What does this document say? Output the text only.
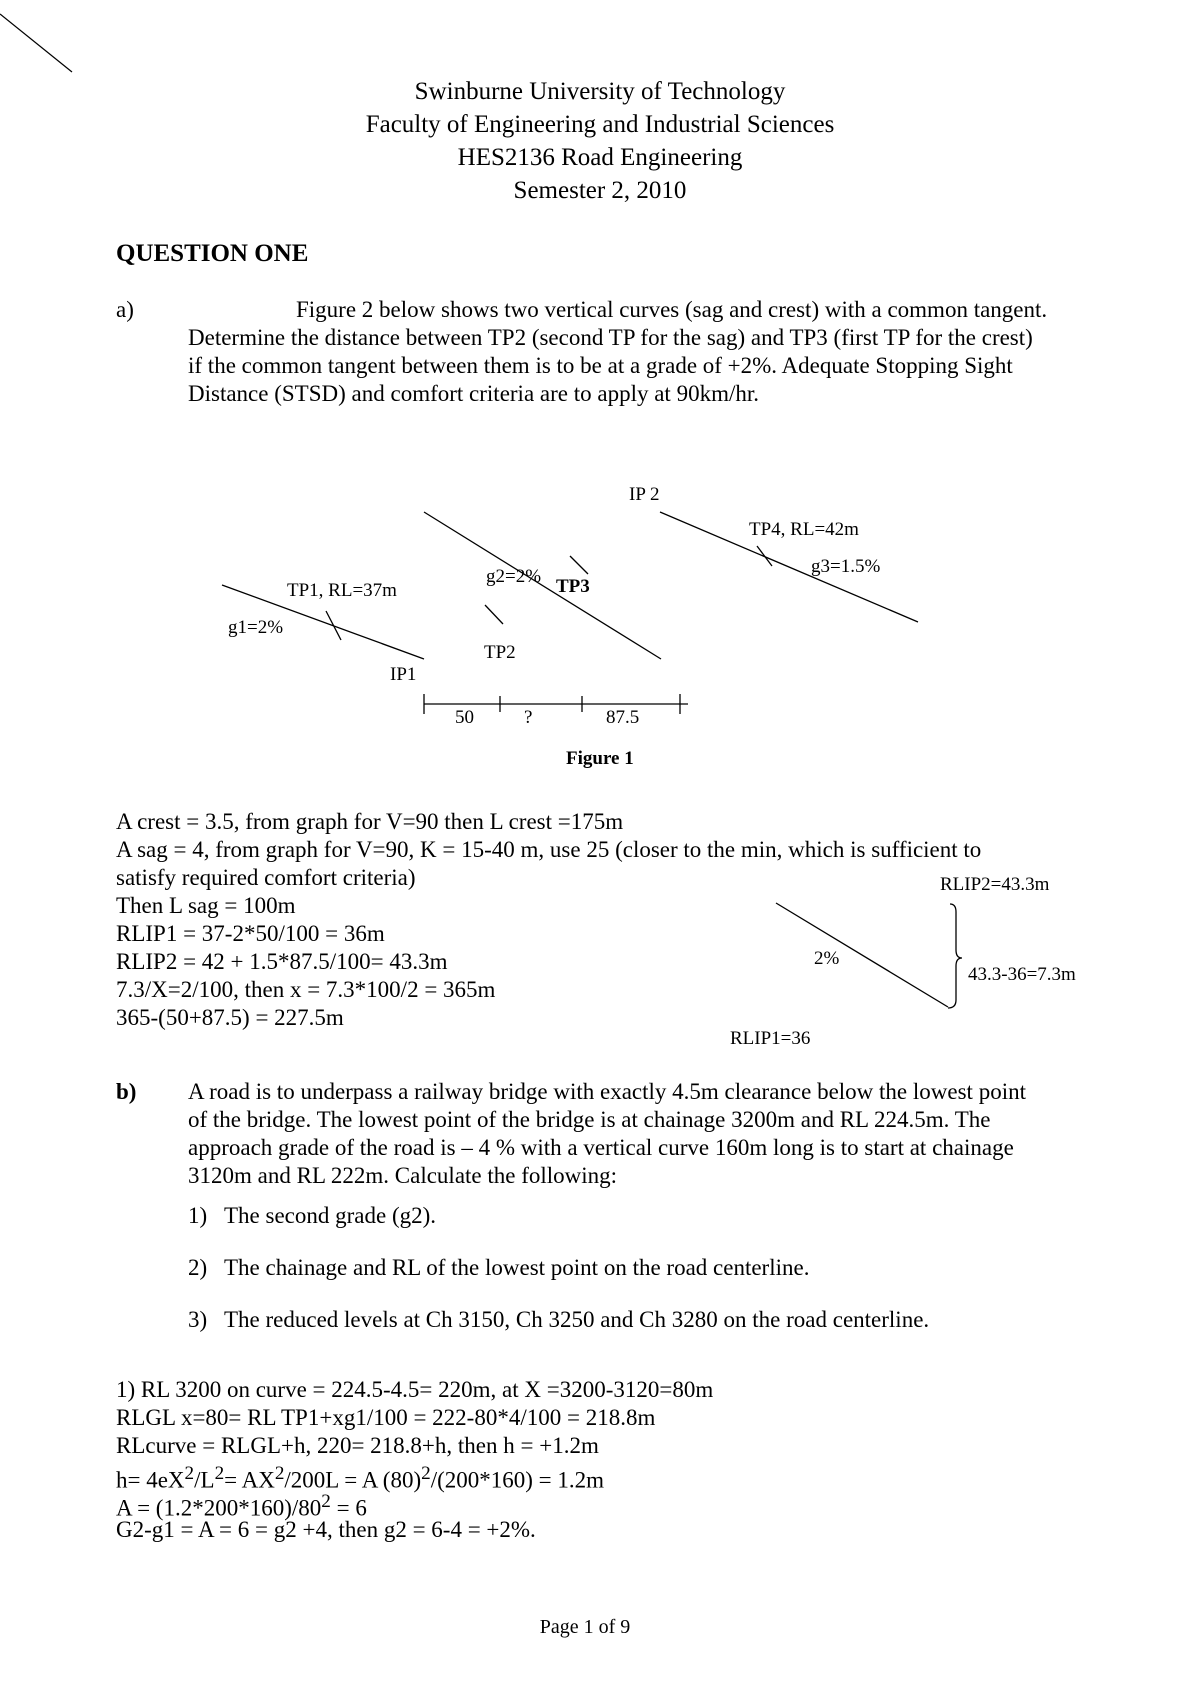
Swinburne University of Technology
Faculty of Engineering and Industrial Sciences
HES2136 Road Engineering
Semester 2, 2010
QUESTION ONE
a)	Figure 2 below shows two vertical curves (sag and crest) with a common tangent.
Determine the distance between TP2 (second TP for the sag) and TP3 (first TP for the crest)
if the common tangent between them is to be at a grade of +2%. Adequate Stopping Sight
Distance (STSD) and comfort criteria are to apply at 90km/hr.
IP 2
TP4, RL=42m
g3=1.5%
g2=2% TP3
TP1, RL=37m
g1=2%
TP2
IP1
50	?	87.5
Figure 1
A crest = 3.5, from graph for V=90 then L crest =175m
A sag = 4, from graph for V=90, K = 15-40 m, use 25 (closer to the min, which is sufficient to
satisfy required comfort criteria)
Then L sag = 100m
RLIP1 = 37-2*50/100 = 36m
RLIP2 = 42 + 1.5*87.5/100= 43.3m
7.3/X=2/100, then x = 7.3*100/2 = 365m
365-(50+87.5) = 227.5m
RLIP2=43.3m
2%
43.3-36=7.3m
RLIP1=36
b) A road is to underpass a railway bridge with exactly 4.5m clearance below the lowest point
of the bridge. The lowest point of the bridge is at chainage 3200m and RL 224.5m. The
approach grade of the road is – 4 % with a vertical curve 160m long is to start at chainage
3120m and RL 222m. Calculate the following:
1) The second grade (g2).
2) The chainage and RL of the lowest point on the road centerline.
3) The reduced levels at Ch 3150, Ch 3250 and Ch 3280 on the road centerline.
1) RL 3200 on curve = 224.5-4.5= 220m, at X =3200-3120=80m
RLGL x=80= RL TP1+xg1/100 = 222-80*4/100 = 218.8m
RLcurve = RLGL+h, 220= 218.8+h, then h = +1.2m
$h= 4eX^2/L^2= AX^2/200L = A$ $(80)^2/(200*160) = 1.2m$
$A = (1.2*200*160)/80^2 = 6$
G2-g1 = A = 6 = g2 +4, then g2 = 6-4 = +2%.
Page 1 of 9
